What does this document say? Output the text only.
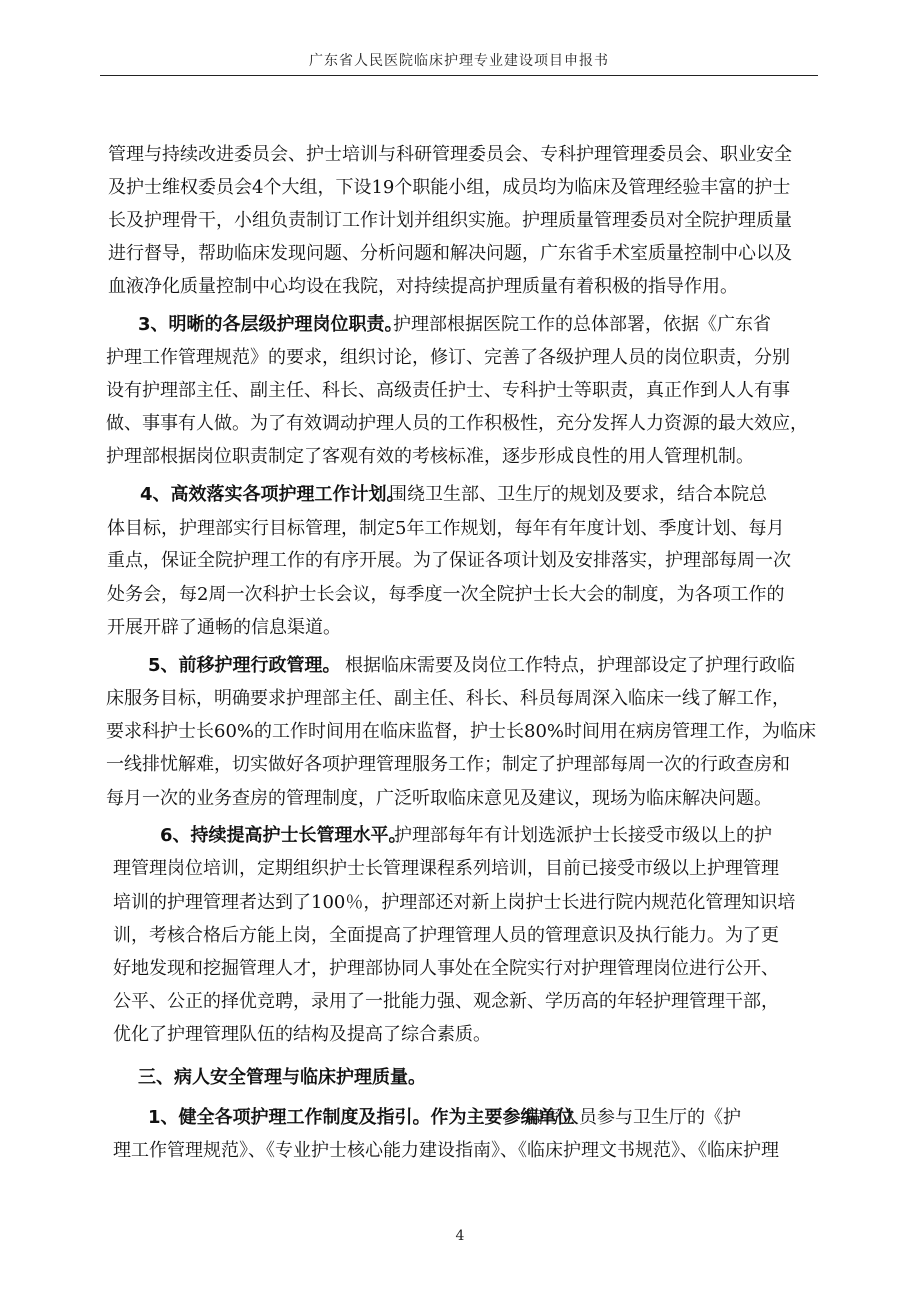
广东省人民医院临床护理专业建设项目申报书
管理与持续改进委员会、护士培训与科研管理委员会、专科护理管理委员会、职业安全
及护士维权委员会4个大组，下设19个职能小组，成员均为临床及管理经验丰富的护士
长及护理骨干，小组负责制订工作计划并组织实施。护理质量管理委员对全院护理质量
进行督导，帮助临床发现问题、分析问题和解决问题，广东省手术室质量控制中心以及
血液净化质量控制中心均设在我院，对持续提高护理质量有着积极的指导作用。
3、明晰的各层级护理岗位职责。
护理部根据医院工作的总体部署，依据《广东省
护理工作管理规范》的要求，组织讨论，修订、完善了各级护理人员的岗位职责，分别
设有护理部主任、副主任、科长、高级责任护士、专科护士等职责，真正作到人人有事
做、事事有人做。为了有效调动护理人员的工作积极性，充分发挥人力资源的最大效应，
护理部根据岗位职责制定了客观有效的考核标准，逐步形成良性的用人管理机制。
4、高效落实各项护理工作计划。
围绕卫生部、卫生厅的规划及要求，结合本院总
体目标，护理部实行目标管理，制定5年工作规划，每年有年度计划、季度计划、每月
重点，保证全院护理工作的有序开展。为了保证各项计划及安排落实，护理部每周一次
处务会，每2周一次科护士长会议，每季度一次全院护士长大会的制度，为各项工作的
开展开辟了通畅的信息渠道。
5、前移护理行政管理。 根据临床需要及岗位工作特点，护理部设定了护理行政临
床服务目标，明确要求护理部主任、副主任、科长、科员每周深入临床一线了解工作，
要求科护士长60%的工作时间用在临床监督，护士长80%时间用在病房管理工作，为临床
一线排忧解难，切实做好各项护理管理服务工作；制定了护理部每周一次的行政查房和
每月一次的业务查房的管理制度，广泛听取临床意见及建议，现场为临床解决问题。
6、持续提高护士长管理水平。
护理部每年有计划选派护士长接受市级以上的护
理管理岗位培训，定期组织护士长管理课程系列培训，目前已接受市级以上护理管理
培训的护理管理者达到了100％，护理部还对新上岗护士长进行院内规范化管理知识培
训，考核合格后方能上岗，全面提高了护理管理人员的管理意识及执行能力。为了更
好地发现和挖掘管理人才，护理部协同人事处在全院实行对护理管理岗位进行公开、
公平、公正的择优竞聘，录用了一批能力强、观念新、学历高的年轻护理管理干部，
优化了护理管理队伍的结构及提高了综合素质。
三、病人安全管理与临床护理质量。
1、健全各项护理工作制度及指引。作为主要参编单位
编写人员参与卫生厅的《护
理工作管理规范》、《专业护士核心能力建设指南》、《临床护理文书规范》、《临床护理
4
